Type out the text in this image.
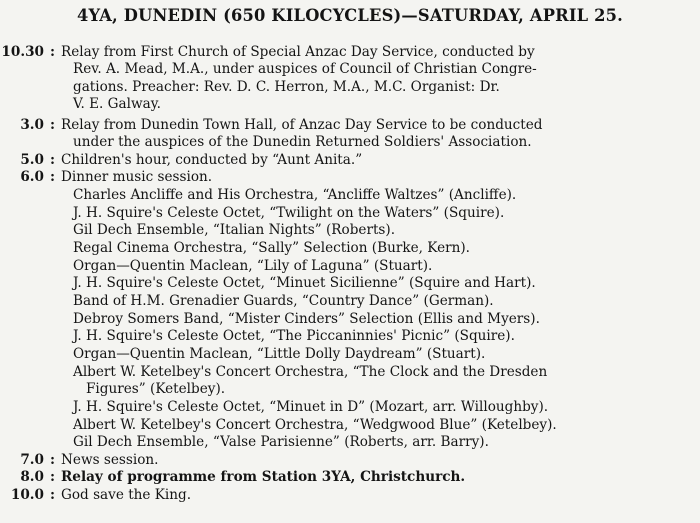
4YA, DUNEDIN (650 KILOCYCLES)—SATURDAY, APRIL 25.
10.30 : Relay from First Church of Special Anzac Day Service, conducted by
Rev. A. Mead, M.A., under auspices of Council of Christian Congre-
gations. Preacher: Rev. D. C. Herron, M.A., M.C. Organist: Dr.
V. E. Galway.
3.0 : Relay from Dunedin Town Hall, of Anzac Day Service to be conducted
under the auspices of the Dunedin Returned Soldiers' Association.
5.0 : Children's hour, conducted by “Aunt Anita.”
6.0 : Dinner music session.
Charles Ancliffe and His Orchestra, “Ancliffe Waltzes” (Ancliffe).
J. H. Squire's Celeste Octet, “Twilight on the Waters” (Squire).
Gil Dech Ensemble, “Italian Nights” (Roberts).
Regal Cinema Orchestra, “Sally” Selection (Burke, Kern).
Organ—Quentin Maclean, “Lily of Laguna” (Stuart).
J. H. Squire's Celeste Octet, “Minuet Sicilienne” (Squire and Hart).
Band of H.M. Grenadier Guards, “Country Dance” (German).
Debroy Somers Band, “Mister Cinders” Selection (Ellis and Myers).
J. H. Squire's Celeste Octet, “The Piccaninnies' Picnic” (Squire).
Organ—Quentin Maclean, “Little Dolly Daydream” (Stuart).
Albert W. Ketelbey's Concert Orchestra, “The Clock and the Dresden
Figures” (Ketelbey).
J. H. Squire's Celeste Octet, “Minuet in D” (Mozart, arr. Willoughby).
Albert W. Ketelbey's Concert Orchestra, “Wedgwood Blue” (Ketelbey).
Gil Dech Ensemble, “Valse Parisienne” (Roberts, arr. Barry).
7.0 : News session.
8.0 : Relay of programme from Station 3YA, Christchurch.
10.0 : God save the King.
